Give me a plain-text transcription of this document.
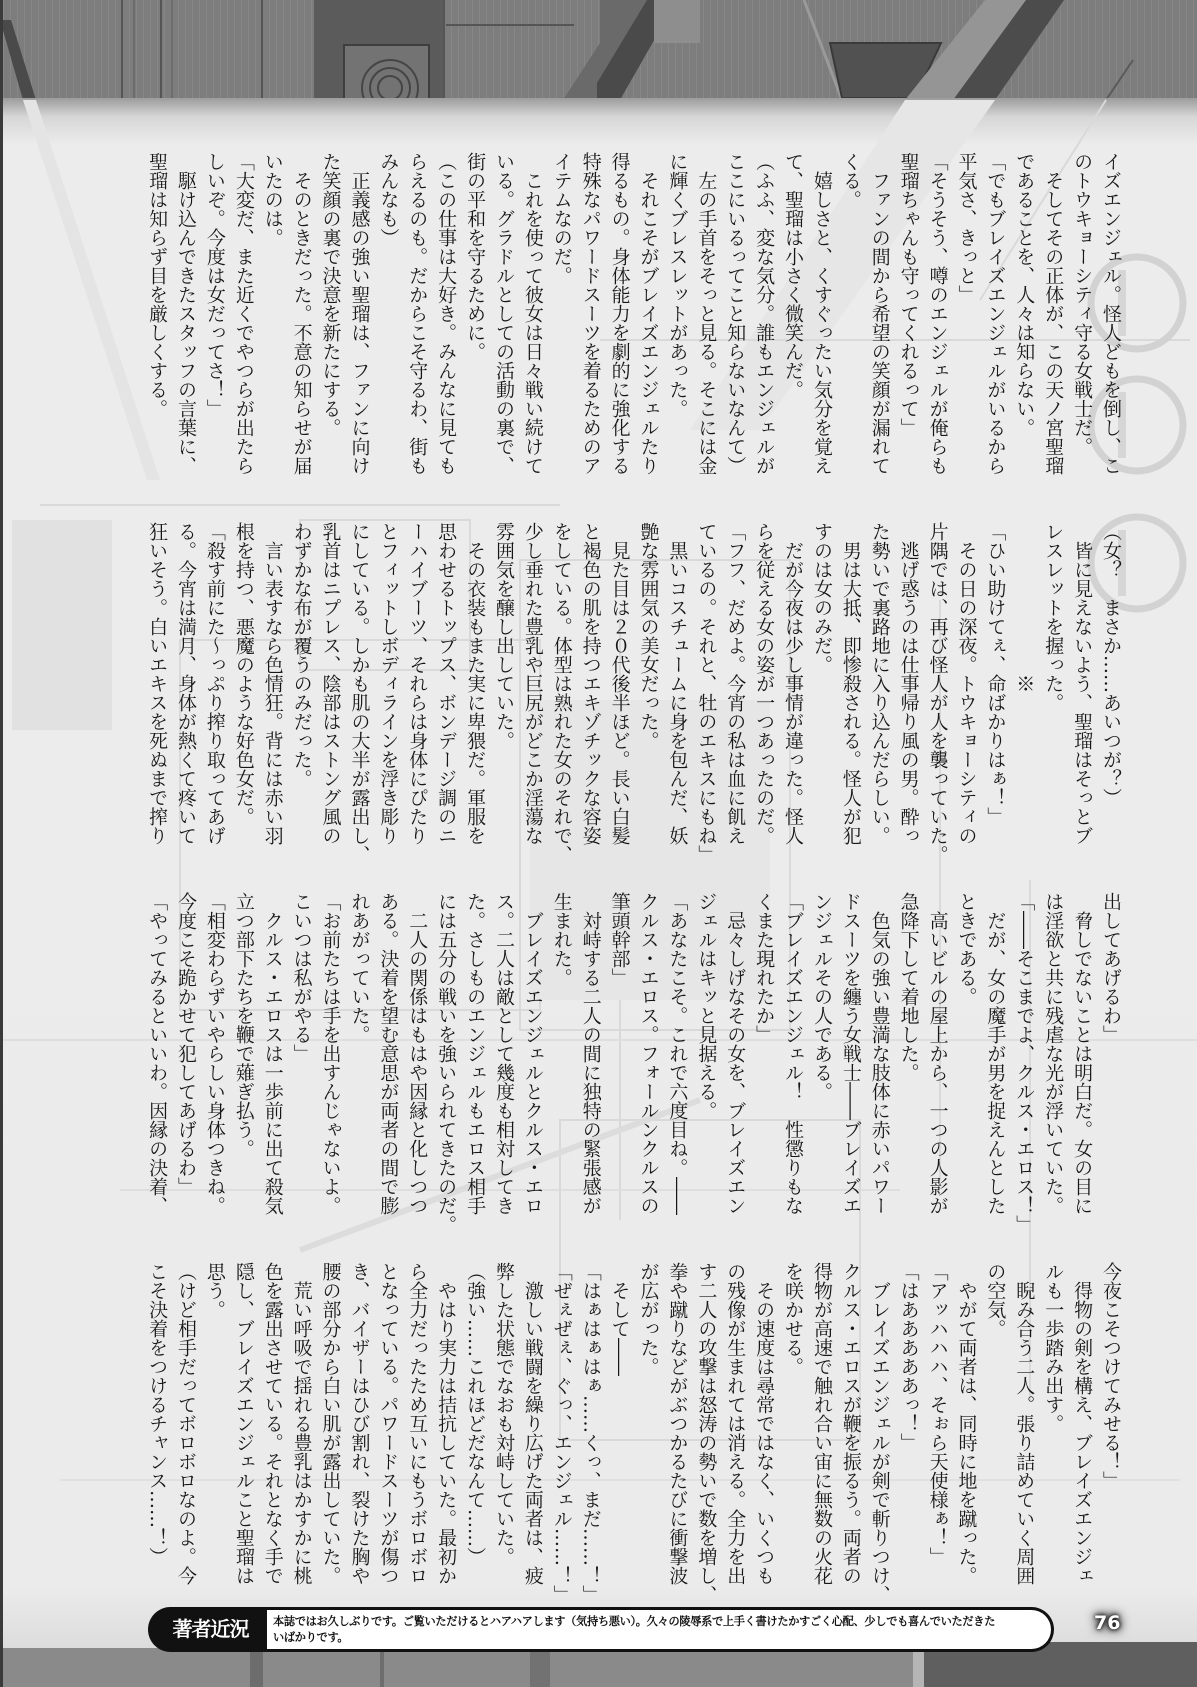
イズエンジェル。怪人どもを倒し、こ
のトウキョーシティ守る女戦士だ。
　そしてその正体が、この天ノ宮聖瑠
であることを、人々は知らない。
「でもブレイズエンジェルがいるから
平気さ、きっと」
「そうそう、噂のエンジェルが俺らも
聖瑠ちゃんも守ってくれるって」
　ファンの間から希望の笑顔が漏れて
くる。
　嬉しさと、くすぐったい気分を覚え
て、聖瑠は小さく微笑んだ。
（ふふ、変な気分。誰もエンジェルが
ここにいるってこと知らないなんて）
　左の手首をそっと見る。そこには金
に輝くブレスレットがあった。
　それこそがブレイズエンジェルたり
得るもの。身体能力を劇的に強化する
特殊なパワードスーツを着るためのア
イテムなのだ。
　これを使って彼女は日々戦い続けて
いる。グラドルとしての活動の裏で、
街の平和を守るために。
（この仕事は大好き。みんなに見ても
らえるのも。だからこそ守るわ、街も
みんなも）
　正義感の強い聖瑠は、ファンに向け
た笑顔の裏で決意を新たにする。
　そのときだった。不意の知らせが届
いたのは。
「大変だ、また近くでやつらが出たら
しいぞ。今度は女だってさ！」
　駆け込んできたスタッフの言葉に、
聖瑠は知らず目を厳しくする。
（女？　まさか……あいつが？）
　皆に見えないよう、聖瑠はそっとブ
レスレットを握った。
　　　　　　　　※
「ひい助けてぇ、命ばかりはぁ！」
　その日の深夜。トウキョーシティの
片隅では、再び怪人が人を襲っていた。
　逃げ惑うのは仕事帰り風の男。酔っ
た勢いで裏路地に入り込んだらしい。
　男は大抵、即惨殺される。怪人が犯
すのは女のみだ。
　だが今夜は少し事情が違った。怪人
らを従える女の姿が一つあったのだ。
「フフ、だめよ。今宵の私は血に飢え
ているの。それと、牡のエキスにもね」
　黒いコスチュームに身を包んだ、妖
艶な雰囲気の美女だった。
　見た目は２０代後半ほど。長い白髪
と褐色の肌を持つエキゾチックな容姿
をしている。体型は熟れた女のそれで、
少し垂れた豊乳や巨尻がどこか淫蕩な
雰囲気を醸し出していた。
　その衣装もまた実に卑猥だ。軍服を
思わせるトップス、ボンデージ調のニ
ーハイブーツ、それらは身体にぴたり
とフィットしボディラインを浮き彫り
にしている。しかも肌の大半が露出し、
乳首はニプレス、陰部はストング風の
わずかな布が覆うのみだった。
　言い表すなら色情狂。背には赤い羽
根を持つ、悪魔のような好色女だ。
「殺す前にた～っぷり搾り取ってあげ
る。今宵は満月、身体が熱くて疼いて
狂いそう。白いエキスを死ぬまで搾り
出してあげるわ」
　脅しでないことは明白だ。女の目に
は淫欲と共に残虐な光が浮いていた。
「――そこまでよ、クルス・エロス！」
　だが、女の魔手が男を捉えんとした
ときである。
　高いビルの屋上から、一つの人影が
急降下して着地した。
　色気の強い豊満な肢体に赤いパワー
ドスーツを纏う女戦士――ブレイズエ
ンジェルその人である。
「ブレイズエンジェル！　性懲りもな
くまた現れたか」
　忌々しげなその女を、ブレイズエン
ジェルはキッと見据える。
「あなたこそ。これで六度目ね。――
クルス・エロス。フォールンクルスの
筆頭幹部」
　対峙する二人の間に独特の緊張感が
生まれた。
　ブレイズエンジェルとクルス・エロ
ス。二人は敵として幾度も相対してき
た。さしものエンジェルもエロス相手
には五分の戦いを強いられてきたのだ。
　二人の関係はもはや因縁と化しつつ
ある。決着を望む意思が両者の間で膨
れあがっていた。
「お前たちは手を出すんじゃないよ。
こいつは私がやる」
　クルス・エロスは一歩前に出て殺気
立つ部下たちを鞭で薙ぎ払う。
「相変わらずいやらしい身体つきね。
今度こそ跪かせて犯してあげるわ」
「やってみるといいわ。因縁の決着、
今夜こそつけてみせる！」
　得物の剣を構え、ブレイズエンジェ
ルも一歩踏み出す。
　睨み合う二人。張り詰めていく周囲
の空気。
　やがて両者は、同時に地を蹴った。
「アッハハハ、そぉら天使様ぁ！」
「はあああああっ！」
　ブレイズエンジェルが剣で斬りつけ、
クルス・エロスが鞭を振るう。両者の
得物が高速で触れ合い宙に無数の火花
を咲かせる。
　その速度は尋常ではなく、いくつも
の残像が生まれては消える。全力を出
す二人の攻撃は怒涛の勢いで数を増し、
拳や蹴りなどがぶつかるたびに衝撃波
が広がった。
　そして――
「はぁはぁはぁ……くっ、まだ……！」
「ぜぇぜぇ、ぐっ、エンジェル……！」
　激しい戦闘を繰り広げた両者は、疲
弊した状態でなおも対峙していた。
（強い……これほどだなんて……）
　やはり実力は拮抗していた。最初か
ら全力だったため互いにもうボロボロ
となっている。パワードスーツが傷つ
き、バイザーはひび割れ、裂けた胸や
腰の部分から白い肌が露出していた。
　荒い呼吸で揺れる豊乳はかすかに桃
色を露出させている。それとなく手で
隠し、ブレイズエンジェルこと聖瑠は
思う。
（けど相手だってボロボロなのよ。今
こそ決着をつけるチャンス……！）
著者近況	本誌ではお久しぶりです。ご覧いただけるとハアハアします（気持ち悪い）。久々の陵辱系で上手く書けたかすごく心配、少しでも喜んでいただきた
いばかりです。
76
